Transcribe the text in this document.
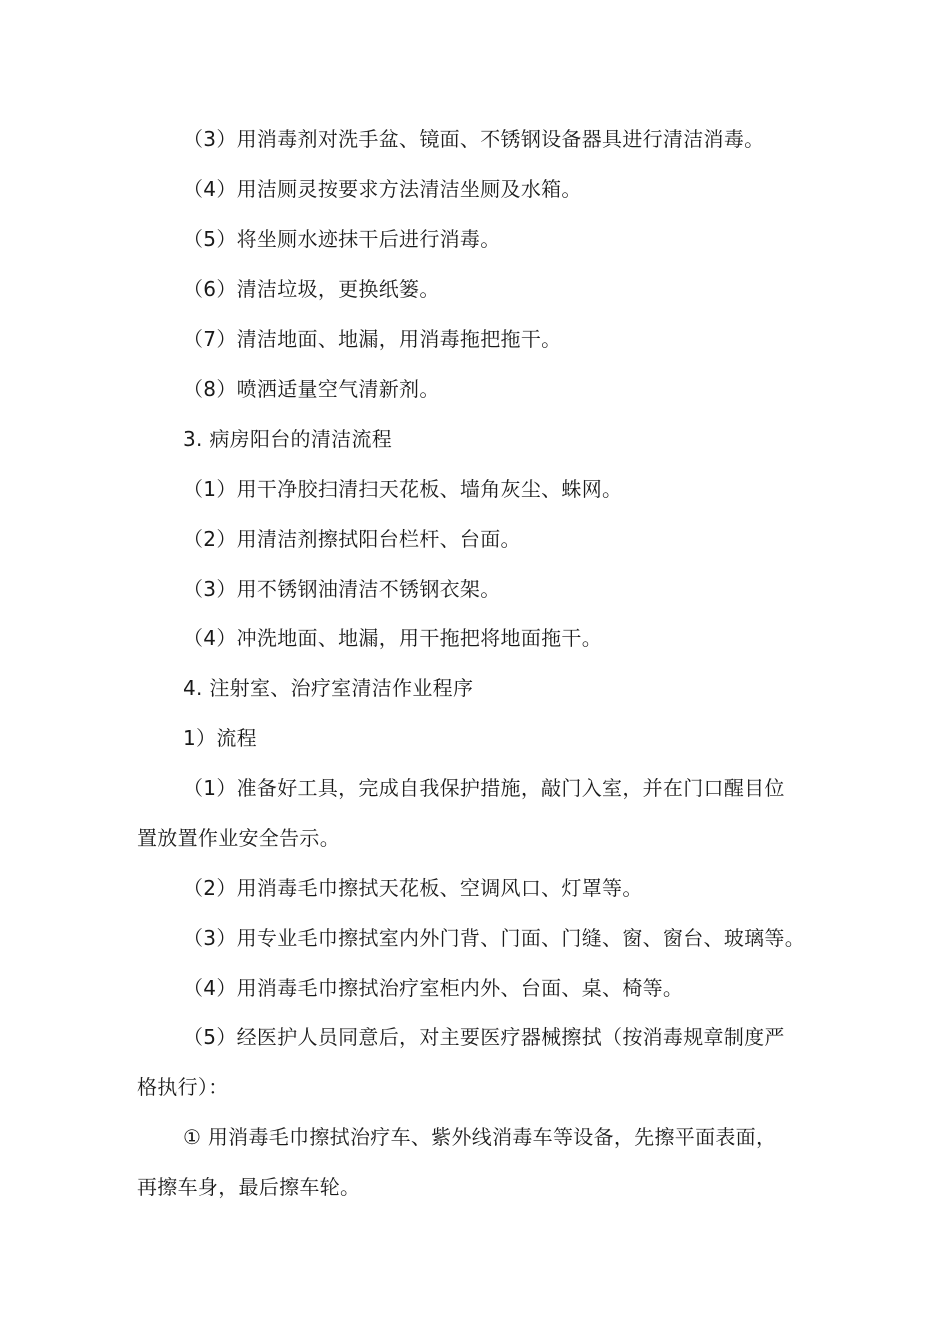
（3）用消毒剂对洗手盆、镜面、不锈钢设备器具进行清洁消毒。
（4）用洁厕灵按要求方法清洁坐厕及水箱。
（5）将坐厕水迹抹干后进行消毒。
（6）清洁垃圾，更换纸篓。
（7）清洁地面、地漏，用消毒拖把拖干。
（8）喷洒适量空气清新剂。
3. 病房阳台的清洁流程
（1）用干净胶扫清扫天花板、墙角灰尘、蛛网。
（2）用清洁剂擦拭阳台栏杆、台面。
（3）用不锈钢油清洁不锈钢衣架。
（4）冲洗地面、地漏，用干拖把将地面拖干。
4. 注射室、治疗室清洁作业程序
1）流程
（1）准备好工具，完成自我保护措施，敲门入室，并在门口醒目位
置放置作业安全告示。
（2）用消毒毛巾擦拭天花板、空调风口、灯罩等。
（3）用专业毛巾擦拭室内外门背、门面、门缝、窗、窗台、玻璃等。
（4）用消毒毛巾擦拭治疗室柜内外、台面、桌、椅等。
（5）经医护人员同意后，对主要医疗器械擦拭（按消毒规章制度严
格执行）：
① 用消毒毛巾擦拭治疗车、紫外线消毒车等设备，先擦平面表面，
再擦车身，最后擦车轮。
